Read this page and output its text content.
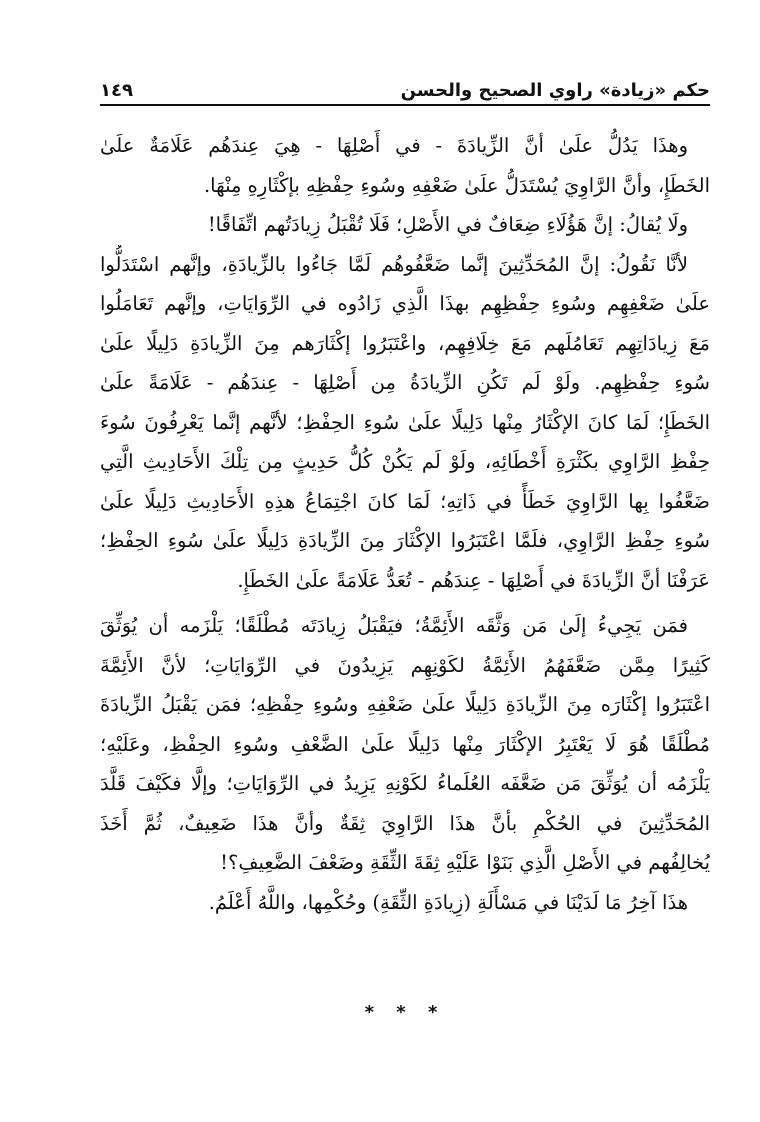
حكم «زيادة» راوي الصحيح والحسن
١٤٩
وهذَا يَدُلُّ علَىٰ أنَّ الزِّيادَةَ - في أَصْلِهَا - هِيَ عِندَهُم عَلَامَةٌ علَىٰ
الخَطَإِ، وأنَّ الرَّاوِيَ يُسْتَدَلُّ علَىٰ ضَعْفِهِ وسُوءِ حِفْظِهِ بإكْثَارِهِ مِنْهَا.
ولَا يُقالُ: إنَّ هَؤُلَاءِ ضِعَافٌ في الأَصْلِ؛ فَلَا تُقْبَلُ زِيادَتُهم اتِّفَاقًا!
لأنَّا نَقُولُ: إنَّ المُحَدِّثِينَ إنَّما ضَعَّفُوهُم لَمَّا جَاءُوا بالزِّيادَةِ، وإنَّهم اسْتَدَلُّوا
علَىٰ ضَعْفِهِم وسُوءِ حِفْظِهِم بهذَا الَّذِي زَادُوه في الرِّوَايَاتِ، وإنَّهم تَعَامَلُوا
مَعَ زِيادَاتِهِم تَعَامُلَهم مَعَ خِلَافِهِم، واعْتَبَرُوا إكْثَارَهم مِنَ الزِّيادَةِ دَلِيلًا علَىٰ
سُوءِ حِفْظِهِم. ولَوْ لَم تَكُنِ الزِّيادَةُ مِن أَصْلِهَا - عِندَهُم - عَلَامَةً علَىٰ
الخَطَإِ؛ لَمَا كانَ الإكْثَارُ مِنْها دَلِيلًا علَىٰ سُوءِ الحِفْظِ؛ لأنَّهم إنَّما يَعْرِفُونَ سُوءَ
حِفْظِ الرَّاوِي بكَثْرَةِ أَخْطَائِهِ، ولَوْ لَم يَكُنْ كُلُّ حَدِيثٍ مِن تِلْكَ الأَحَادِيثِ الَّتِي
ضَعَّفُوا بِها الرَّاوِيَ خَطَأً في ذَاتِهِ؛ لَمَا كانَ اجْتِمَاعُ هذِهِ الأَحَادِيثِ دَلِيلًا علَىٰ
سُوءِ حِفْظِ الرَّاوِي، فلَمَّا اعْتَبَرُوا الإكْثَارَ مِنَ الزِّيادَةِ دَلِيلًا علَىٰ سُوءِ الحِفْظِ؛
عَرَفْنَا أنَّ الزِّيادَةَ في أَصْلِهَا - عِندَهُم - تُعَدُّ عَلَامَةً علَىٰ الخَطَإِ.
فمَن يَجِيءُ إلَىٰ مَن وَثَّقَه الأَئِمَّةُ؛ فيَقْبَلُ زِيادَتَه مُطْلَقًا؛ يَلْزَمه أن يُوَثِّقَ
كَثِيرًا مِمَّن ضَعَّفَهُمُ الأَئِمَّةُ لكَوْنِهِم يَزِيدُونَ في الرِّوَايَاتِ؛ لأنَّ الأَئِمَّةَ
اعْتَبَرُوا إكْثَارَه مِنَ الزِّيادَةِ دَلِيلًا علَىٰ ضَعْفِهِ وسُوءِ حِفْظِهِ؛ فمَن يَقْبَلُ الزِّيادَةَ
مُطْلَقًا هُوَ لَا يَعْتَبِرُ الإكْثَارَ مِنْها دَلِيلًا علَىٰ الضَّعْفِ وسُوءِ الحِفْظِ، وعَلَيْهِ؛
يَلْزَمُه أن يُوَثِّقَ مَن ضَعَّفَه العُلَماءُ لكَوْنِهِ يَزِيدُ في الرِّوَايَاتِ؛ وإلَّا فكَيْفَ قَلَّدَ
المُحَدِّثِينَ في الحُكْمِ بأنَّ هذَا الرَّاوِيَ ثِقَةٌ وأنَّ هذَا ضَعِيفٌ، ثُمَّ أَخَذَ
يُخالِفُهم في الأَصْلِ الَّذِي بَنَوْا عَلَيْهِ ثِقَةَ الثِّقَةِ وضَعْفَ الضَّعِيفِ؟!
هذَا آخِرُ مَا لَدَيْنَا في مَسْأَلَةِ (زِيادَةِ الثِّقَةِ) وحُكْمِها، واللَّهُ أَعْلَمُ.
* * *
